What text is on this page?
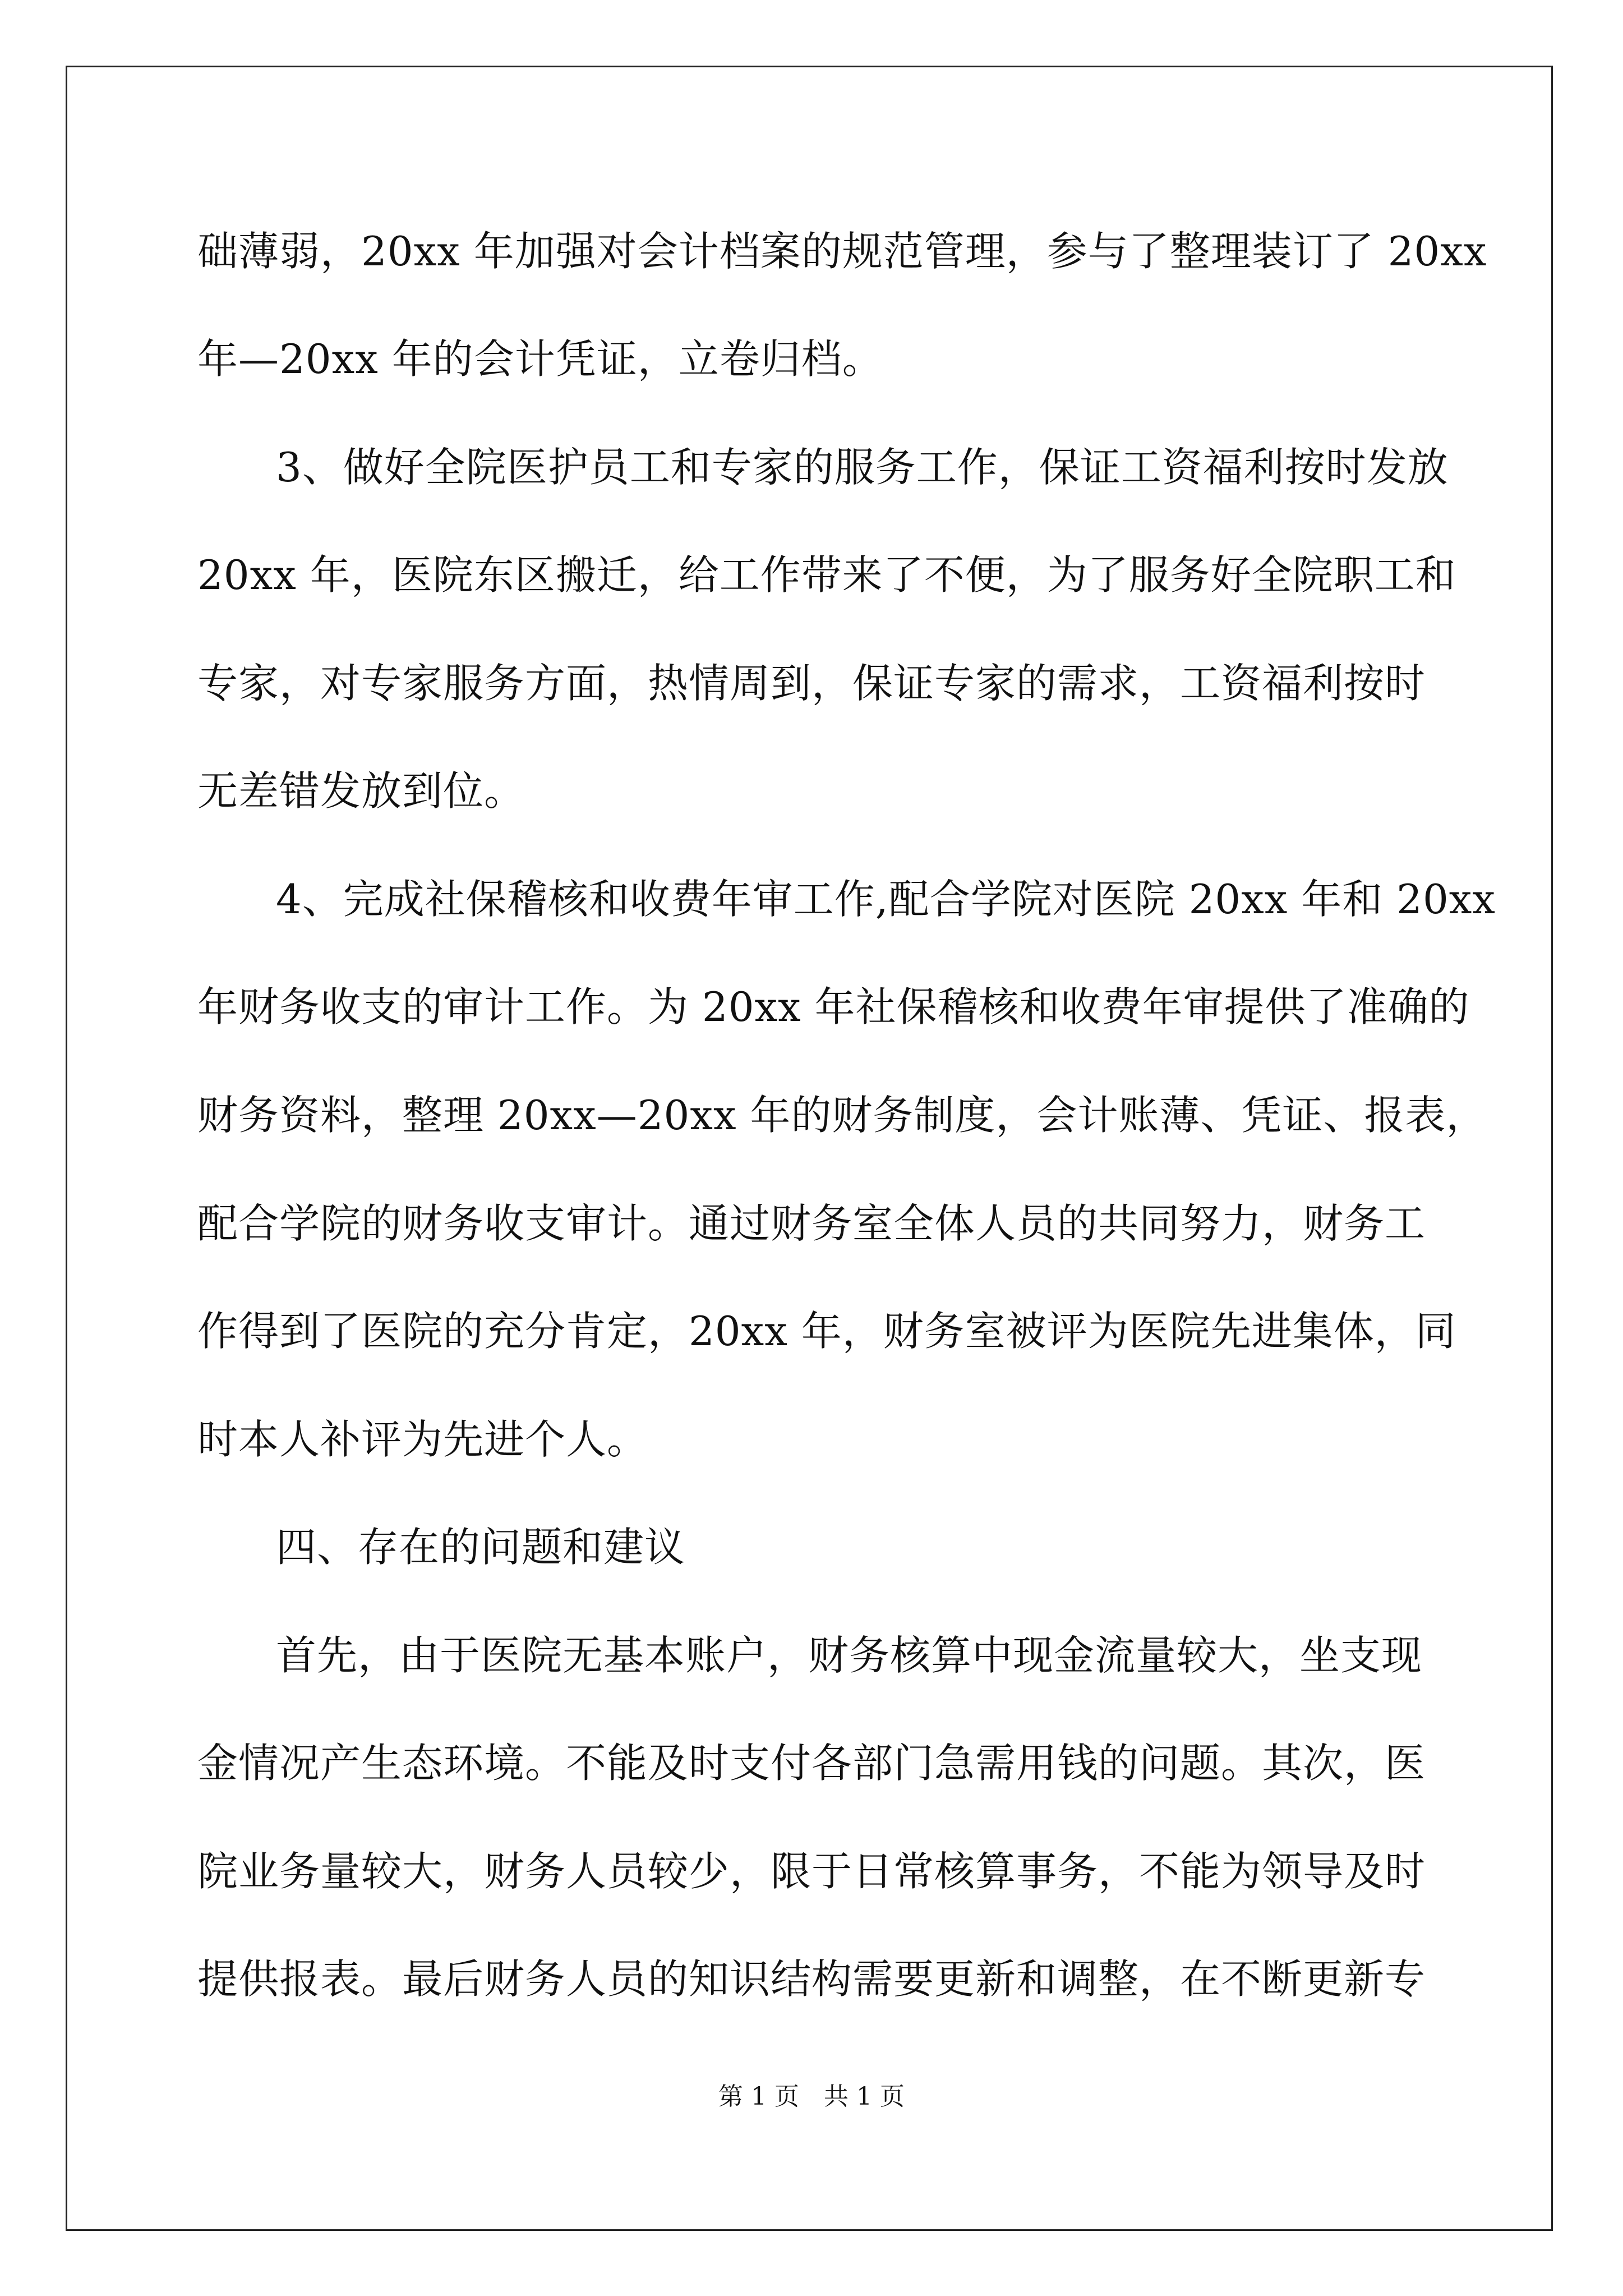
础薄弱，20xx 年加强对会计档案的规范管理，参与了整理装订了 20xx
年—20xx 年的会计凭证，立卷归档。
3、做好全院医护员工和专家的服务工作，保证工资福利按时发放
20xx 年，医院东区搬迁，给工作带来了不便，为了服务好全院职工和
专家，对专家服务方面，热情周到，保证专家的需求，工资福利按时
无差错发放到位。
4、完成社保稽核和收费年审工作,配合学院对医院 20xx 年和 20xx
年财务收支的审计工作。为 20xx 年社保稽核和收费年审提供了准确的
财务资料，整理 20xx—20xx 年的财务制度，会计账薄、凭证、报表，
配合学院的财务收支审计。通过财务室全体人员的共同努力，财务工
作得到了医院的充分肯定，20xx 年，财务室被评为医院先进集体，同
时本人补评为先进个人。
四、存在的问题和建议
首先，由于医院无基本账户，财务核算中现金流量较大，坐支现
金情况产生态环境。不能及时支付各部门急需用钱的问题。其次，医
院业务量较大，财务人员较少，限于日常核算事务，不能为领导及时
提供报表。最后财务人员的知识结构需要更新和调整，在不断更新专
第 1 页　共 1 页
